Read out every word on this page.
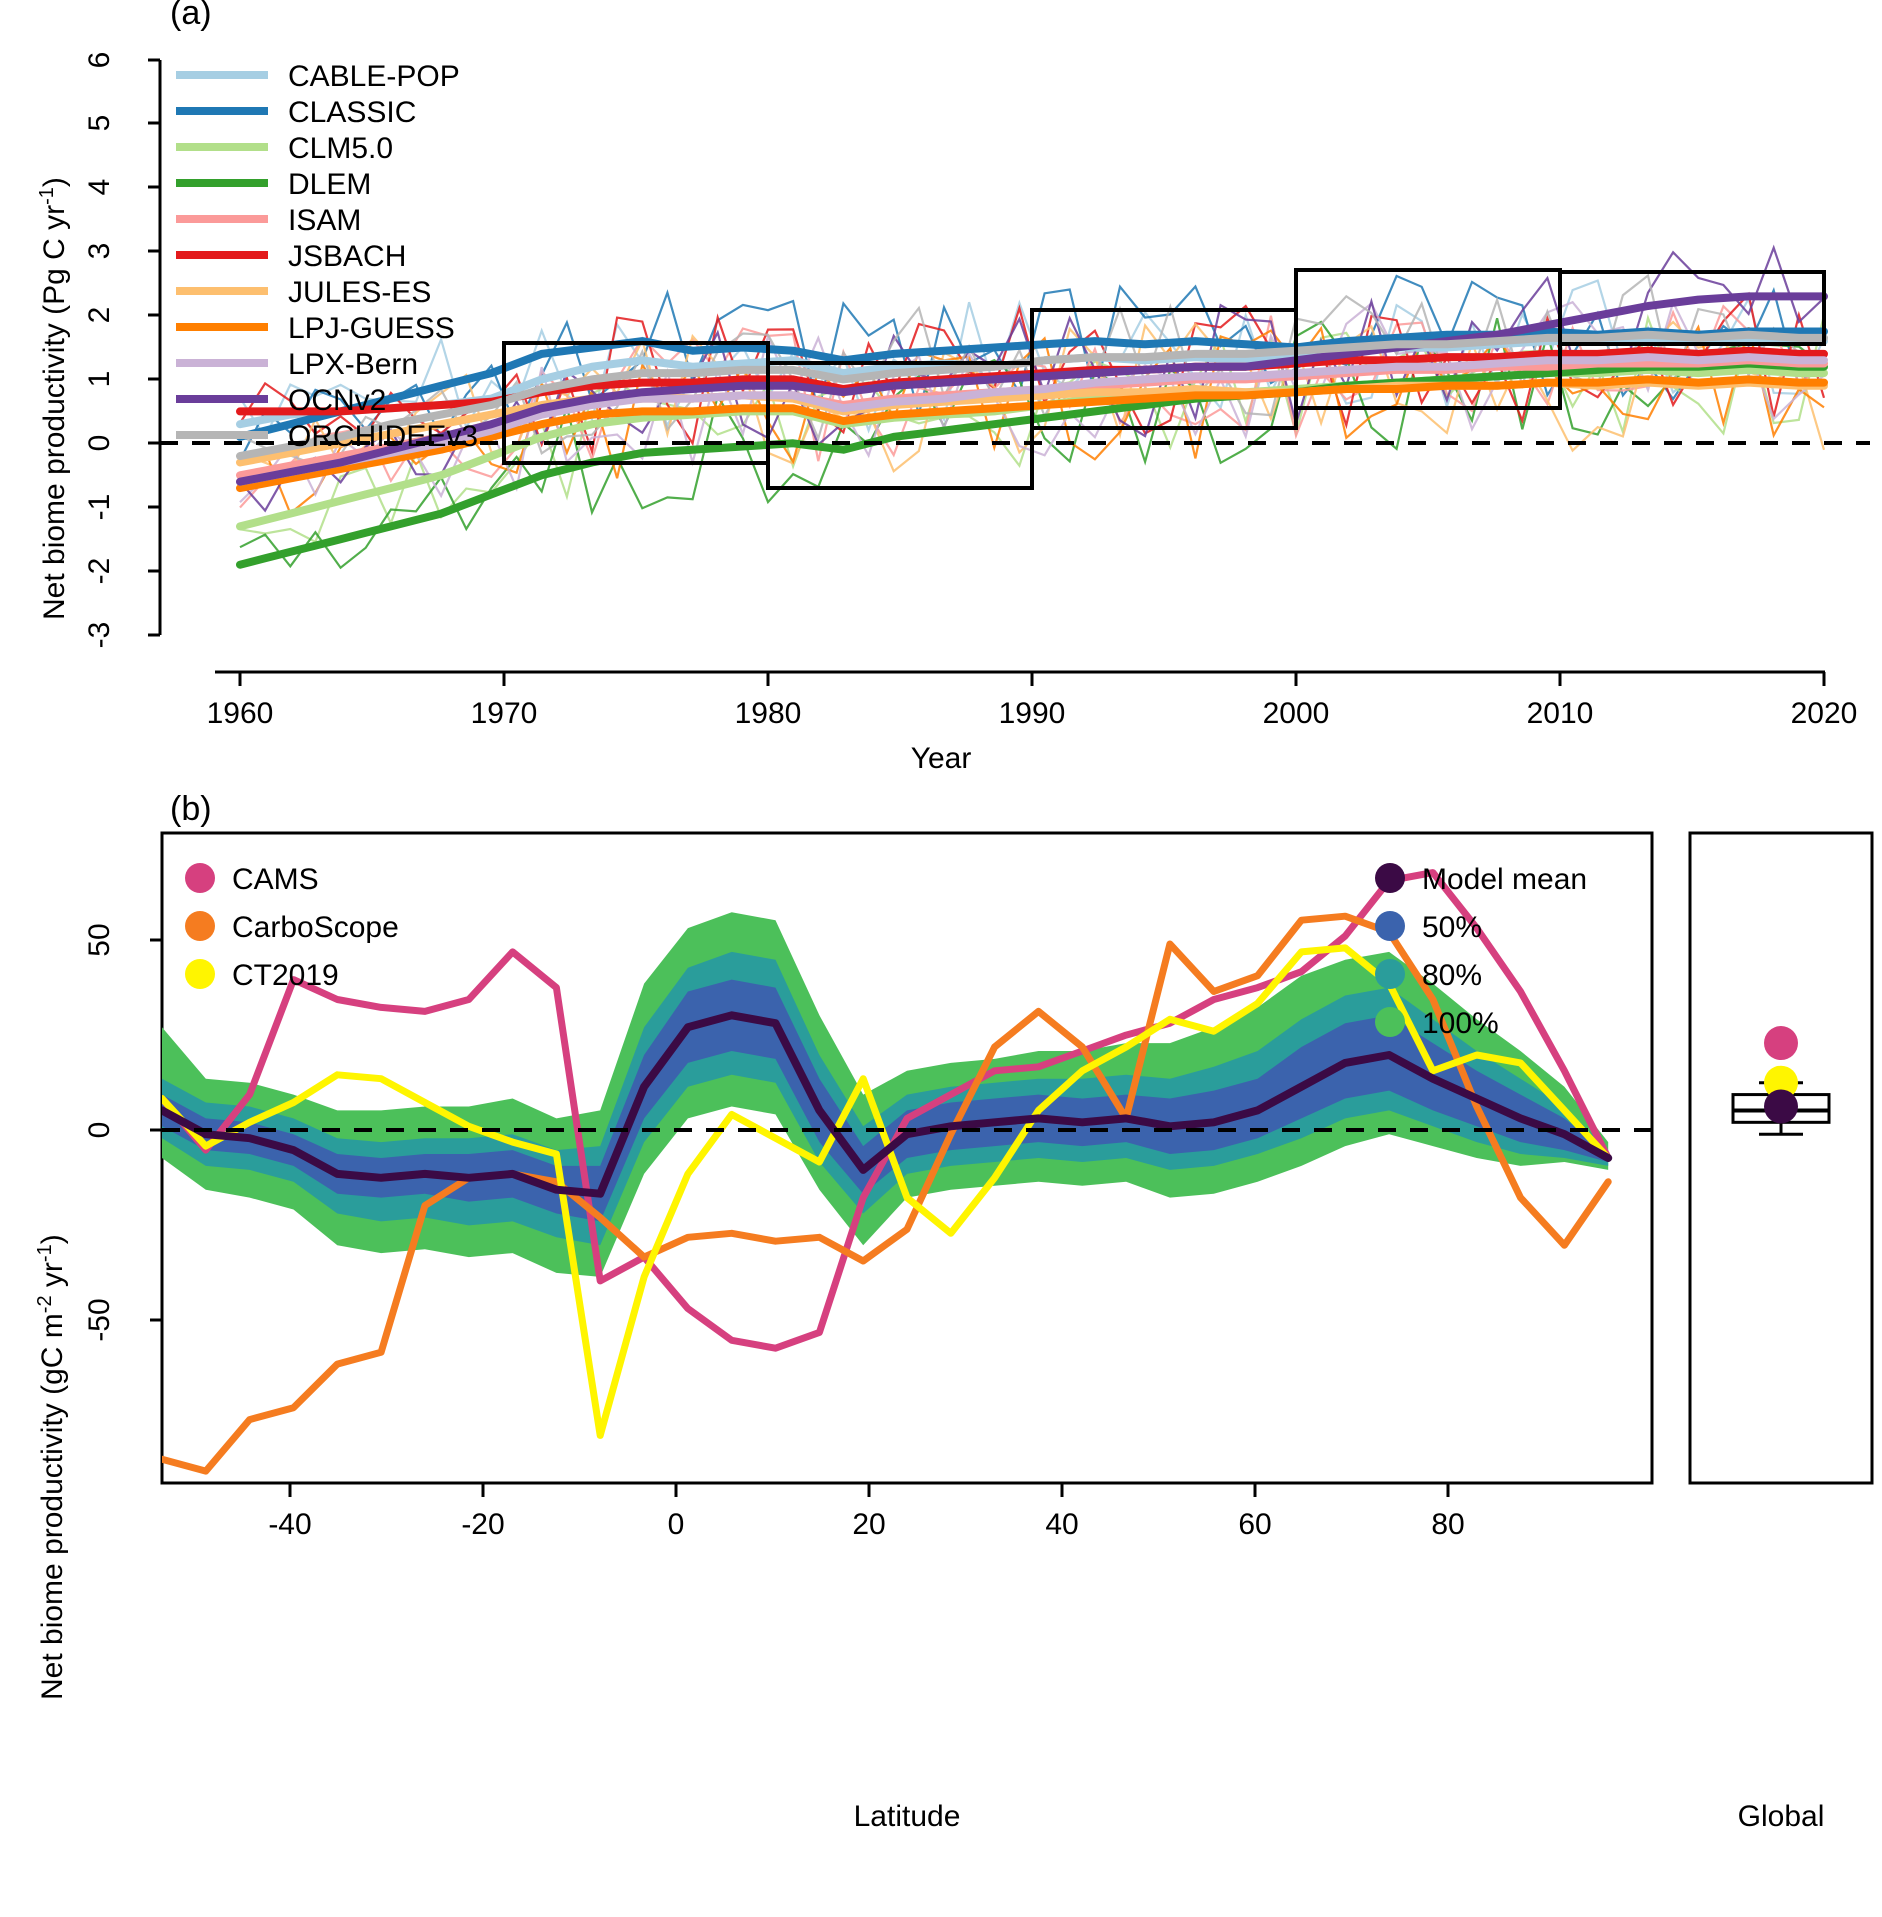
(a)
Net biome productivity (Pg C $yr^{-1}$)
CABLE-POP
CLASSIC
CLM5.0
DLEM
ISAM
JSBACH
JULES-ES
LPJ-GUESS
LPX-Bern
OCNv2
ORCHIDEEv3
-3
-2
-1
0
1
2
3
4
5
6
1960	1970	1980	1990	2000	2010	2020
Year
(b)
Net biome productivity (gC $m^{-2}$ $yr^{-1}$)
CAMS
CarboScope
CT2019
Model mean
50%
80%
100%
-50
0
50
-40	-20	0	20	40	60	80
Latitude	Global
